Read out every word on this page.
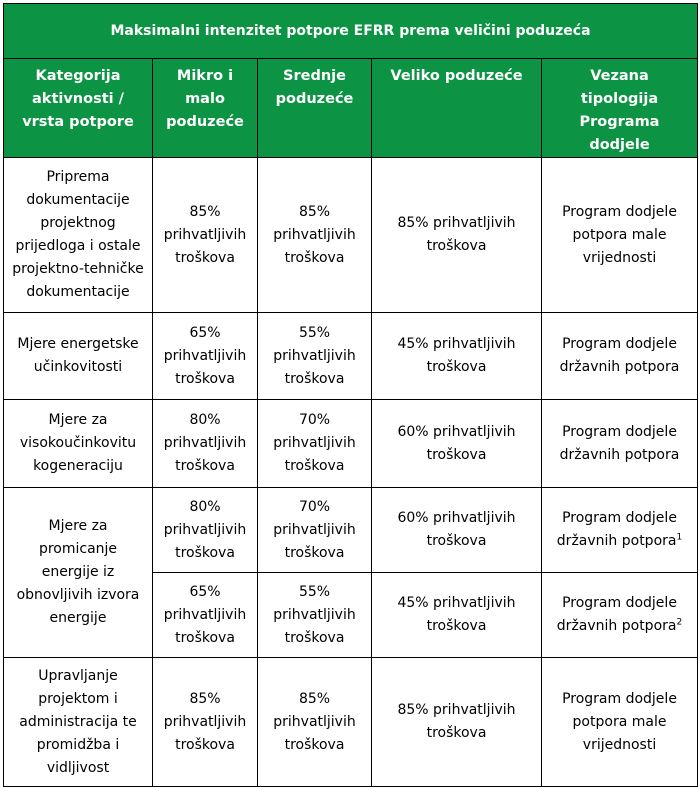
Maksimalni intenzitet potpore EFRR prema veličini poduzeća				
Kategorija aktivnosti / vrsta potpore	Mikro i malo poduzeće	Srednje poduzeće	Veliko poduzeće	Vezana tipologija Programa dodjele
Priprema dokumentacije projektnog prijedloga i ostale projektno-tehničke dokumentacije	85% prihvatljivih troškova	85% prihvatljivih troškova	85% prihvatljivih troškova	Program dodjele potpora male vrijednosti
Mjere energetske učinkovitosti	65% prihvatljivih troškova	55% prihvatljivih troškova	45% prihvatljivih troškova	Program dodjele državnih potpora
Mjere za visokoučinkovitu kogeneraciju	80% prihvatljivih troškova	70% prihvatljivih troškova	60% prihvatljivih troškova	Program dodjele državnih potpora
Mjere za promicanje energije iz obnovljivih izvora energije	80% prihvatljivih troškova	70% prihvatljivih troškova	60% prihvatljivih troškova	Program dodjele državnih potpora$^1$
	65% prihvatljivih troškova	55% prihvatljivih troškova	45% prihvatljivih troškova	Program dodjele državnih potpora$^2$
Upravljanje projektom i administracija te promidžba i vidljivost	85% prihvatljivih troškova	85% prihvatljivih troškova	85% prihvatljivih troškova	Program dodjele potpora male vrijednosti
